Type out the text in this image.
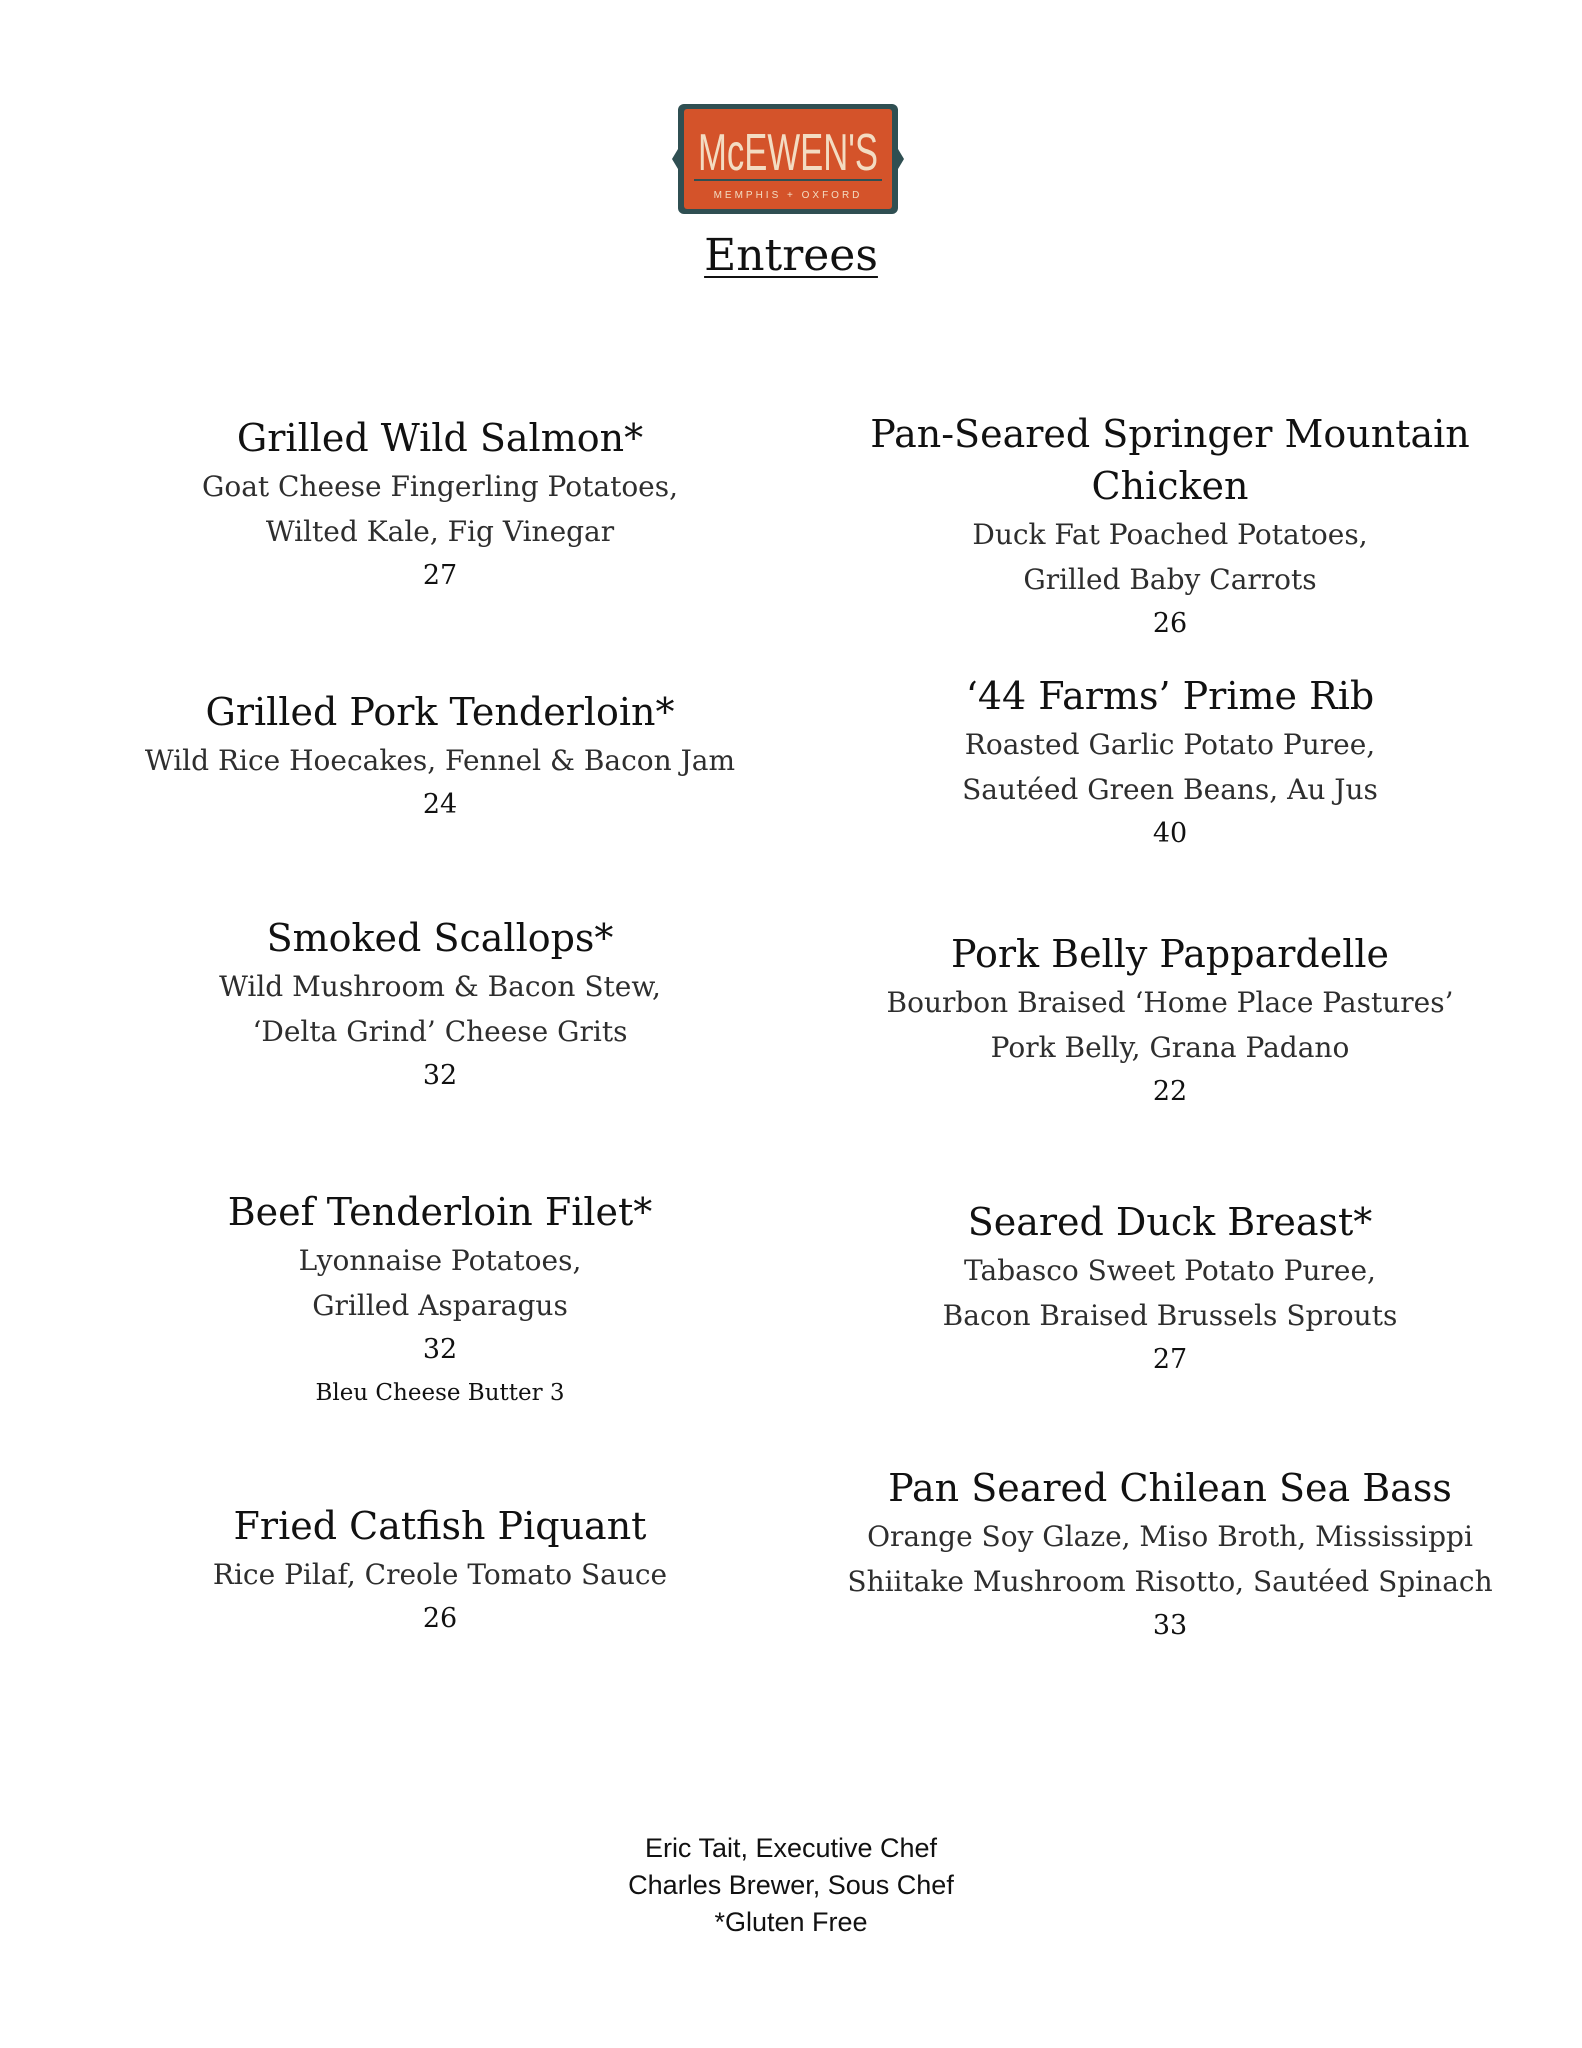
McEWEN'S
MEMPHIS + OXFORD
Entrees
Grilled Wild Salmon*
Goat Cheese Fingerling Potatoes,
Wilted Kale, Fig Vinegar
27
Grilled Pork Tenderloin*
Wild Rice Hoecakes, Fennel & Bacon Jam
24
Smoked Scallops*
Wild Mushroom & Bacon Stew,
‘Delta Grind’ Cheese Grits
32
Beef Tenderloin Filet*
Lyonnaise Potatoes,
Grilled Asparagus
32
Bleu Cheese Butter 3
Fried Catfish Piquant
Rice Pilaf, Creole Tomato Sauce
26
Pan-Seared Springer Mountain Chicken
Duck Fat Poached Potatoes,
Grilled Baby Carrots
26
‘44 Farms’ Prime Rib
Roasted Garlic Potato Puree,
Sautéed Green Beans, Au Jus
40
Pork Belly Pappardelle
Bourbon Braised ‘Home Place Pastures’
Pork Belly, Grana Padano
22
Seared Duck Breast*
Tabasco Sweet Potato Puree,
Bacon Braised Brussels Sprouts
27
Pan Seared Chilean Sea Bass
Orange Soy Glaze, Miso Broth, Mississippi
Shiitake Mushroom Risotto, Sautéed Spinach
33
Eric Tait, Executive Chef
Charles Brewer, Sous Chef
*Gluten Free
